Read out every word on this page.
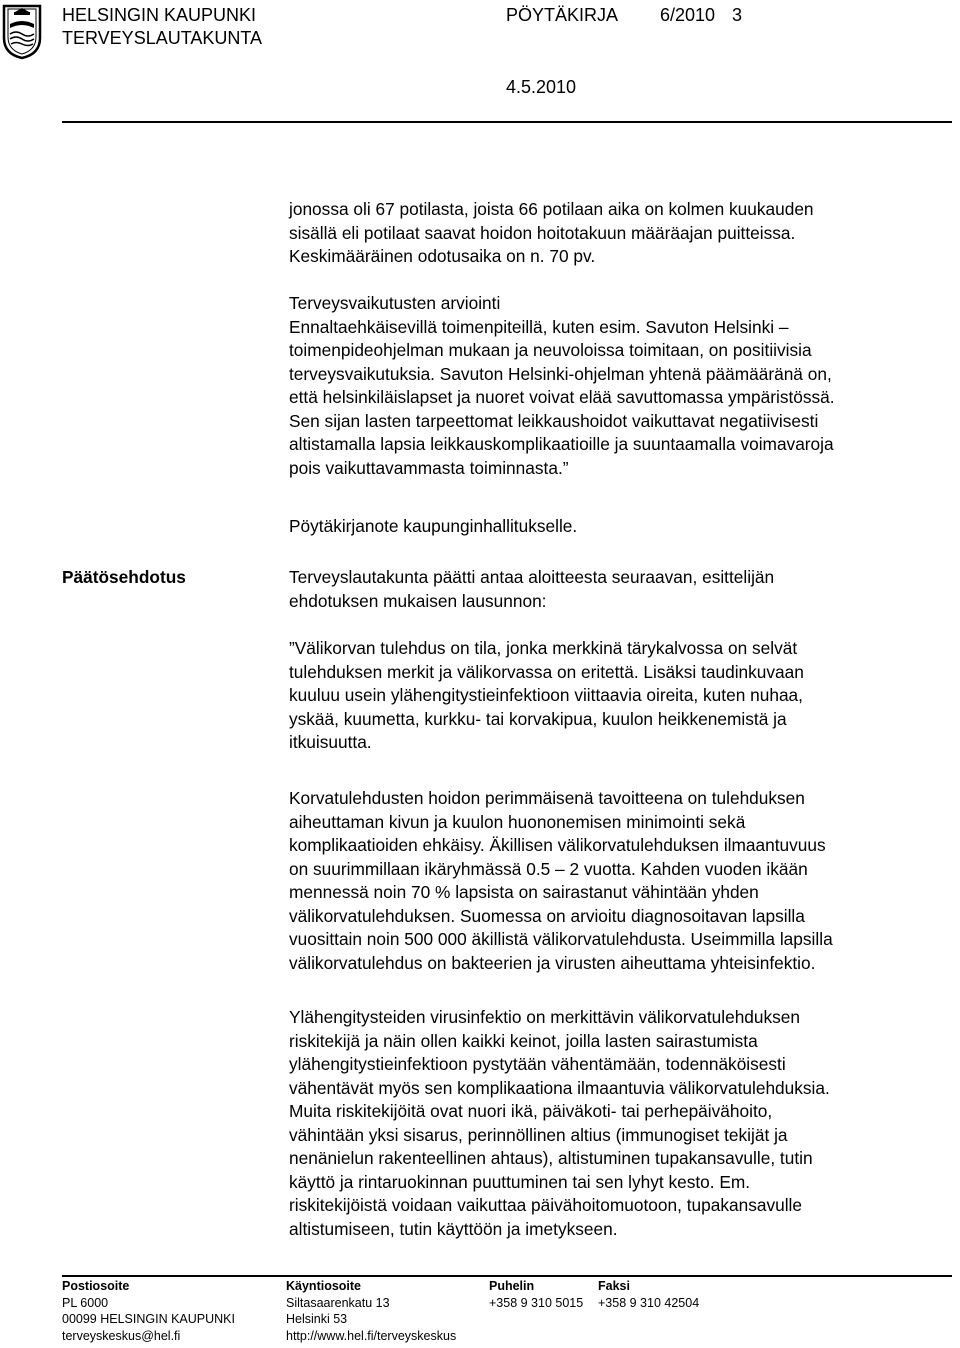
HELSINGIN KAUPUNKI
TERVEYSLAUTAKUNTA
PÖYTÄKIRJA 6/2010 3
4.5.2010
jonossa oli 67 potilasta, joista 66 potilaan aika on kolmen kuukauden
sisällä eli potilaat saavat hoidon hoitotakuun määräajan puitteissa.
Keskimääräinen odotusaika on n. 70 pv.
Terveysvaikutusten arviointi
Ennaltaehkäisevillä toimenpiteillä, kuten esim. Savuton Helsinki –
toimenpideohjelman mukaan ja neuvoloissa toimitaan, on positiivisia
terveysvaikutuksia. Savuton Helsinki-ohjelman yhtenä päämääränä on,
että helsinkiläislapset ja nuoret voivat elää savuttomassa ympäristössä.
Sen sijan lasten tarpeettomat leikkaushoidot vaikuttavat negatiivisesti
altistamalla lapsia leikkauskomplikaatioille ja suuntaamalla voimavaroja
pois vaikuttavammasta toiminnasta.”
Pöytäkirjanote kaupunginhallitukselle.
Päätösehdotus	Terveyslautakunta päätti antaa aloitteesta seuraavan, esittelijän
ehdotuksen mukaisen lausunnon:
”Välikorvan tulehdus on tila, jonka merkkinä tärykalvossa on selvät
tulehduksen merkit ja välikorvassa on eritettä. Lisäksi taudinkuvaan
kuuluu usein ylähengitystieinfektioon viittaavia oireita, kuten nuhaa,
yskää, kuumetta, kurkku- tai korvakipua, kuulon heikkenemistä ja
itkuisuutta.
Korvatulehdusten hoidon perimmäisenä tavoitteena on tulehduksen
aiheuttaman kivun ja kuulon huononemisen minimointi sekä
komplikaatioiden ehkäisy. Äkillisen välikorvatulehduksen ilmaantuvuus
on suurimmillaan ikäryhmässä 0.5 – 2 vuotta. Kahden vuoden ikään
mennessä noin 70 % lapsista on sairastanut vähintään yhden
välikorvatulehduksen. Suomessa on arvioitu diagnosoitavan lapsilla
vuosittain noin 500 000 äkillistä välikorvatulehdusta. Useimmilla lapsilla
välikorvatulehdus on bakteerien ja virusten aiheuttama yhteisinfektio.
Ylähengitysteiden virusinfektio on merkittävin välikorvatulehduksen
riskitekijä ja näin ollen kaikki keinot, joilla lasten sairastumista
ylähengitystieinfektioon pystytään vähentämään, todennäköisesti
vähentävät myös sen komplikaationa ilmaantuvia välikorvatulehduksia.
Muita riskitekijöitä ovat nuori ikä, päiväkoti- tai perhepäivähoito,
vähintään yksi sisarus, perinnöllinen altius (immunogiset tekijät ja
nenänielun rakenteellinen ahtaus), altistuminen tupakansavulle, tutin
käyttö ja rintaruokinnan puuttuminen tai sen lyhyt kesto. Em.
riskitekijöistä voidaan vaikuttaa päivähoitomuotoon, tupakansavulle
altistumiseen, tutin käyttöön ja imetykseen.
Postiosoite
PL 6000
00099 HELSINGIN KAUPUNKI
terveyskeskus@hel.fi
Käyntiosoite
Siltasaarenkatu 13
Helsinki 53
http://www.hel.fi/terveyskeskus
Puhelin
+358 9 310 5015
Faksi
+358 9 310 42504
